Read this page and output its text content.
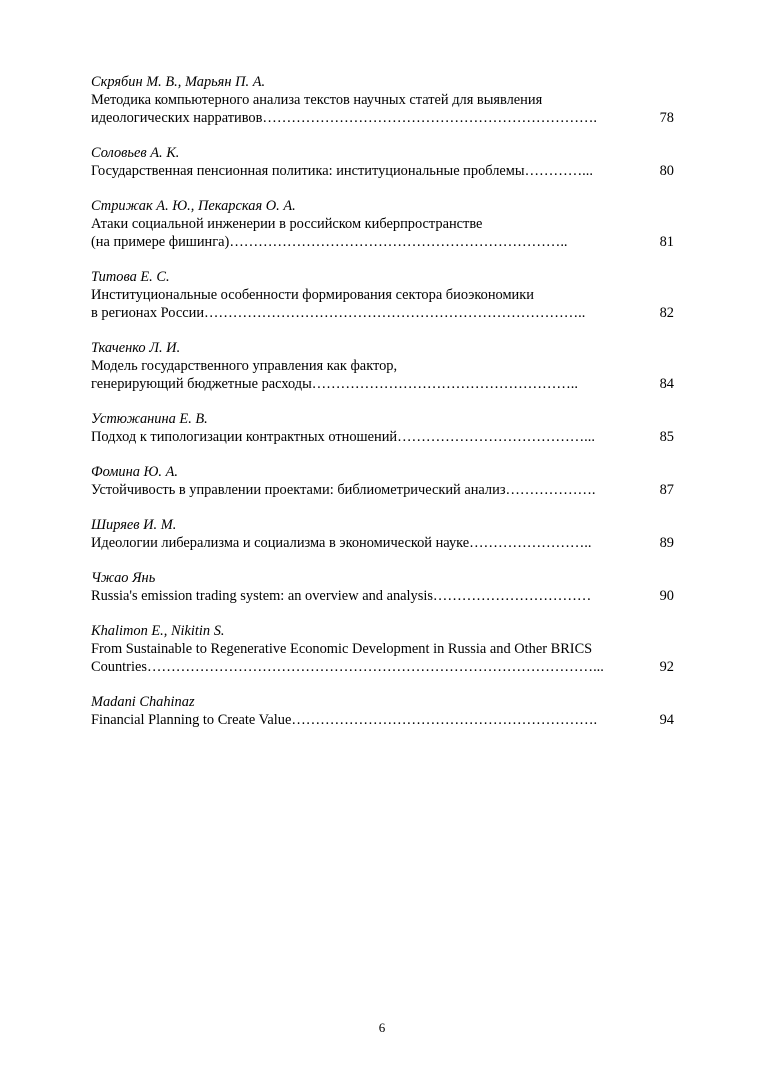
Скрябин М. В., Марьян П. А.
Методика компьютерного анализа текстов научных статей для выявления
идеологических нарративов…………………………………………………………….	78
Соловьев А. К.
Государственная пенсионная политика: институциональные проблемы…………...	80
Стрижак А. Ю., Пекарская О. А.
Атаки социальной инженерии в российском киберпространстве
(на примере фишинга)……………………………………………………………..	81
Титова Е. С.
Институциональные особенности формирования сектора биоэкономики
в регионах России……………………………………………………………………..	82
Ткаченко Л. И.
Модель государственного управления как фактор,
генерирующий бюджетные расходы………………………………………………..	84
Устюжанина Е. В.
Подход к типологизации контрактных отношений…………………………………...	85
Фомина Ю. А.
Устойчивость в управлении проектами: библиометрический анализ……………….	87
Ширяев И. М.
Идеологии либерализма и социализма в экономической науке……………………..	89
Чжао Янь
Russia's emission trading system: an overview and analysis……………………………	90
Khalimon E., Nikitin S.
From Sustainable to Regenerative Economic Development in Russia and Other BRICS
Countries…………………………………………………………………………………...	92
Madani Chahinaz
Financial Planning to Create Value……………………………………………………….	94
6
